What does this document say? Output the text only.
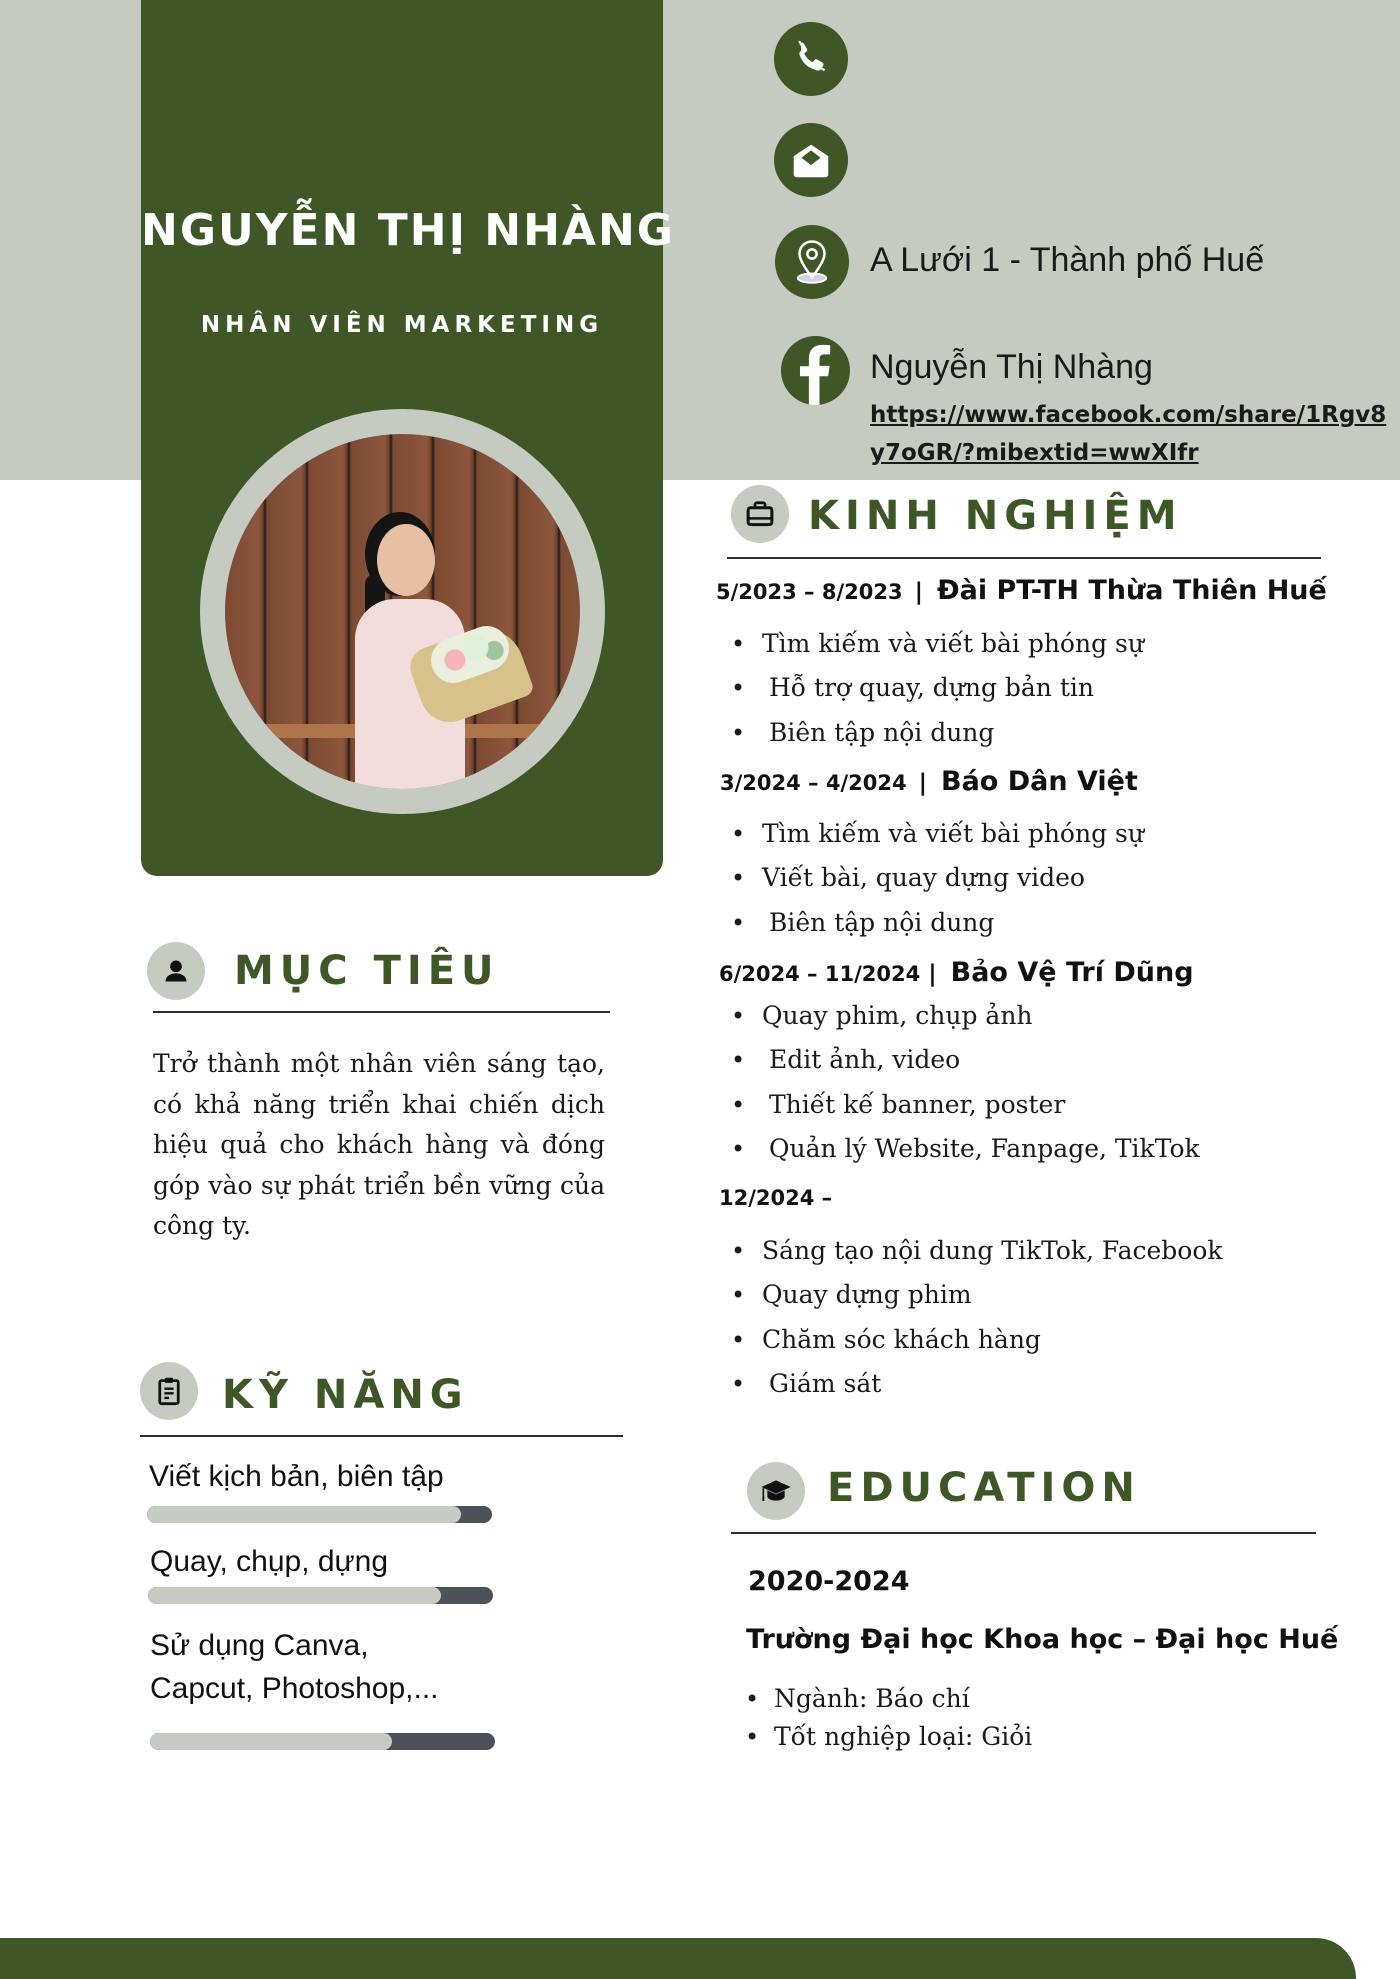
NGUYỄN THỊ NHÀNG
NHÂN VIÊN MARKETING
A Lưới 1 - Thành phố Huế
Nguyễn Thị Nhàng
https://www.facebook.com/share/1Rgv8
y7oGR/?mibextid=wwXIfr
MỤC TIÊU
Trở thành một nhân viên sáng tạo, có khả năng triển khai chiến dịch hiệu quả cho khách hàng và đóng góp vào sự phát triển bền vững của công ty.
KỸ NĂNG
Viết kịch bản, biên tập
Quay, chụp, dựng
Sử dụng Canva,
Capcut, Photoshop,...
KINH NGHIỆM
5/2023 – 8/2023 | Đài PT-TH Thừa Thiên Huế
• Tìm kiếm và viết bài phóng sự
• Hỗ trợ quay, dựng bản tin
• Biên tập nội dung
3/2024 – 4/2024 | Báo Dân Việt
• Tìm kiếm và viết bài phóng sự
• Viết bài, quay dựng video
• Biên tập nội dung
6/2024 – 11/2024 | Bảo Vệ Trí Dũng
• Quay phim, chụp ảnh
• Edit ảnh, video
• Thiết kế banner, poster
• Quản lý Website, Fanpage, TikTok
12/2024 –
• Sáng tạo nội dung TikTok, Facebook
• Quay dựng phim
• Chăm sóc khách hàng
• Giám sát
EDUCATION
2020-2024
Trường Đại học Khoa học – Đại học Huế
• Ngành: Báo chí
• Tốt nghiệp loại: Giỏi
